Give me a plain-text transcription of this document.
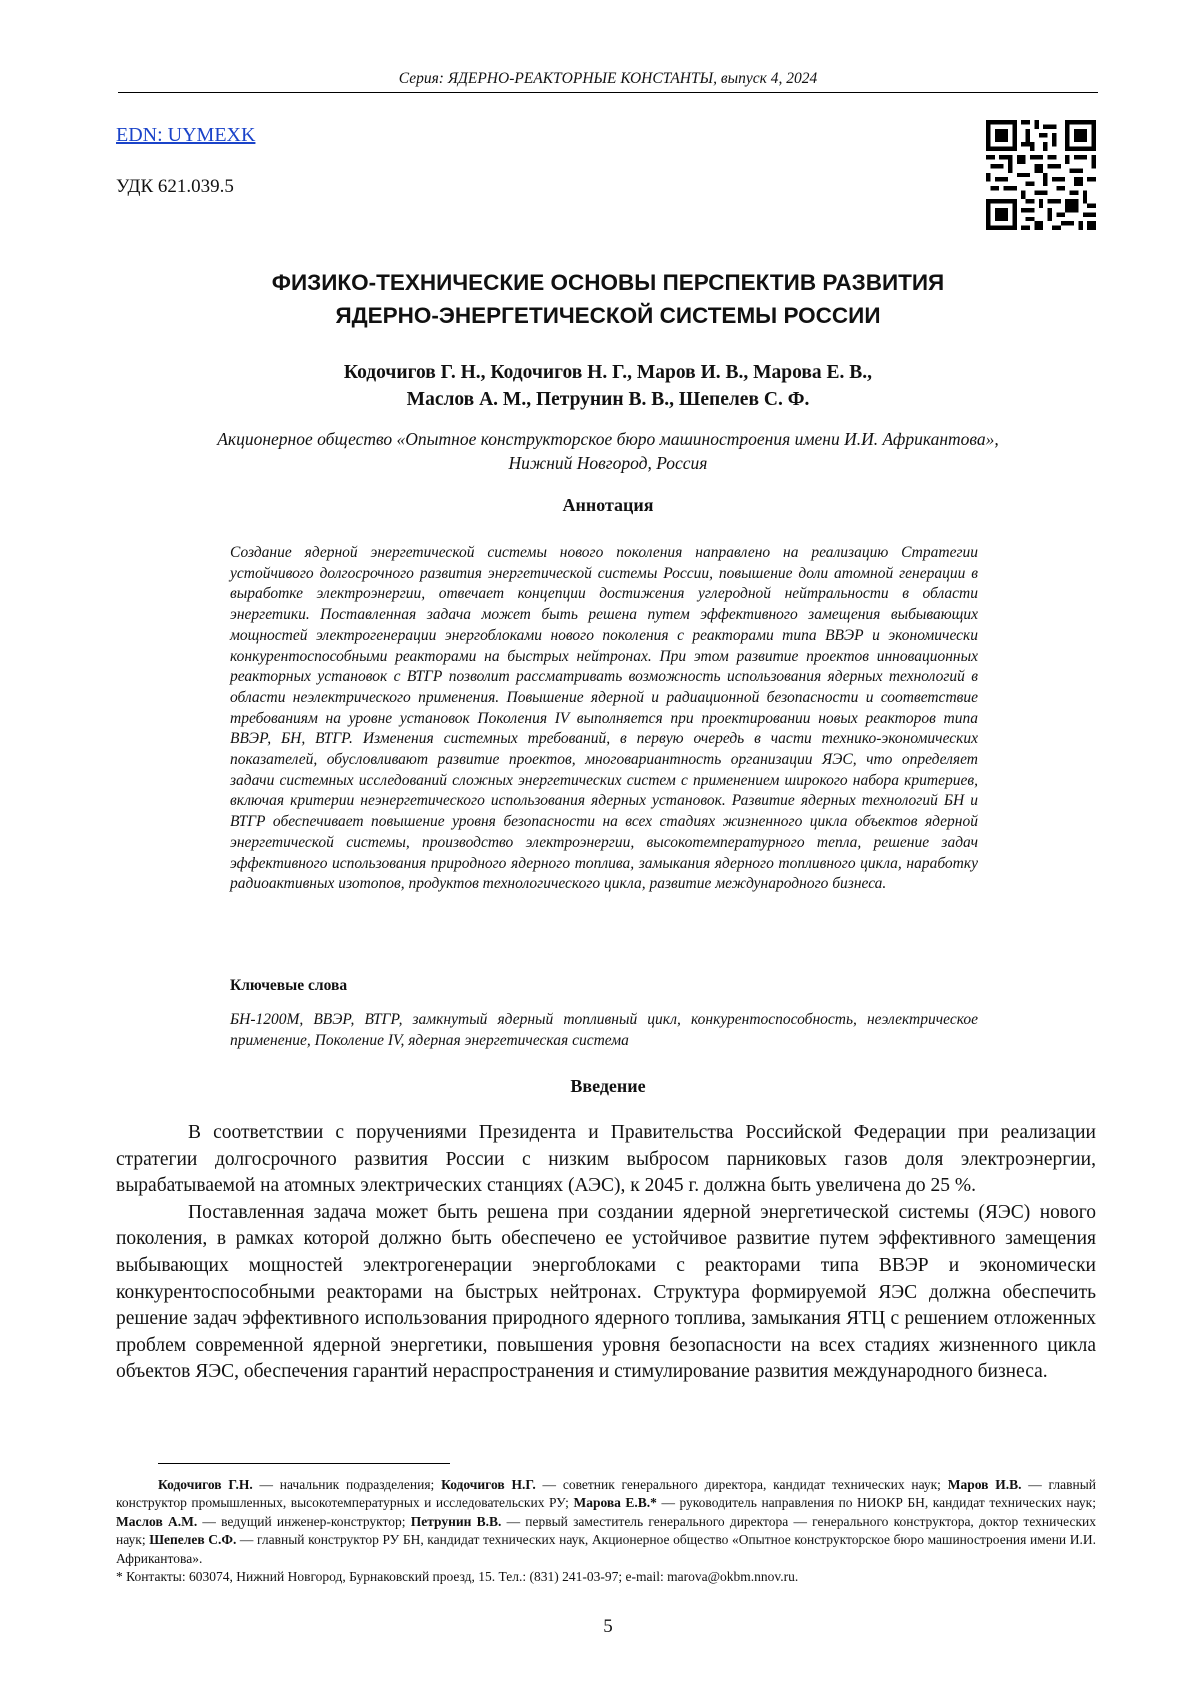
Серия: ЯДЕРНО-РЕАКТОРНЫЕ КОНСТАНТЫ, выпуск 4, 2024
EDN: UYMEXK
УДК 621.039.5
ФИЗИКО-ТЕХНИЧЕСКИЕ ОСНОВЫ ПЕРСПЕКТИВ РАЗВИТИЯ
ЯДЕРНО-ЭНЕРГЕТИЧЕСКОЙ СИСТЕМЫ РОССИИ
Кодочигов Г. Н., Кодочигов Н. Г., Маров И. В., Марова Е. В.,
Маслов А. М., Петрунин В. В., Шепелев С. Ф.
Акционерное общество «Опытное конструкторское бюро машиностроения имени И.И. Африкантова»,
Нижний Новгород, Россия
Аннотация

Создание ядерной энергетической системы нового поколения направлено на реализацию Стратегии устойчивого долгосрочного развития энергетической системы России, повышение доли атомной генерации в выработке электроэнергии, отвечает концепции достижения углеродной нейтральности в области энергетики. Поставленная задача может быть решена путем эффективного замещения выбывающих мощностей электрогенерации энергоблоками нового поколения с реакторами типа ВВЭР и экономически конкурентоспособными реакторами на быстрых нейтронах. При этом развитие проектов инновационных реакторных установок с ВТГР позволит рассматривать возможность использования ядерных технологий в области неэлектрического применения. Повышение ядерной и радиационной безопасности и соответствие требованиям на уровне установок Поколения IV выполняется при проектировании новых реакторов типа ВВЭР, БН, ВТГР. Изменения системных требований, в первую очередь в части технико-экономических показателей, обусловливают развитие проектов, многовариантность организации ЯЭС, что определяет задачи системных исследований сложных энергетических систем с применением широкого набора критериев, включая критерии неэнергетического использования ядерных установок. Развитие ядерных технологий БН и ВТГР обеспечивает повышение уровня безопасности на всех стадиях жизненного цикла объектов ядерной энергетической системы, производство электроэнергии, высокотемпературного тепла, решение задач эффективного использования природного ядерного топлива, замыкания ядерного топливного цикла, наработку радиоактивных изотопов, продуктов технологического цикла, развитие международного бизнеса.

Ключевые слова

БН-1200М, ВВЭР, ВТГР, замкнутый ядерный топливный цикл, конкурентоспособность, неэлектрическое применение, Поколение IV, ядерная энергетическая система

Введение

В соответствии с поручениями Президента и Правительства Российской Федерации при реализации стратегии долгосрочного развития России с низким выбросом парниковых газов доля электроэнергии, вырабатываемой на атомных электрических станциях (АЭС), к 2045 г. должна быть увеличена до 25 %.

Поставленная задача может быть решена при создании ядерной энергетической системы (ЯЭС) нового поколения, в рамках которой должно быть обеспечено ее устойчивое развитие путем эффективного замещения выбывающих мощностей электрогенерации энергоблоками с реакторами типа ВВЭР и экономически конкурентоспособными реакторами на быстрых нейтронах. Структура формируемой ЯЭС должна обеспечить решение задач эффективного использования природного ядерного топлива, замыкания ЯТЦ с решением отложенных проблем современной ядерной энергетики, повышения уровня безопасности на всех стадиях жизненного цикла объектов ЯЭС, обеспечения гарантий нераспространения и стимулирование развития международного бизнеса.

Кодочигов Г.Н. — начальник подразделения; Кодочигов Н.Г. — советник генерального директора, кандидат технических наук; Маров И.В. — главный конструктор промышленных, высокотемпературных и исследовательских РУ; Марова Е.В.* — руководитель направления по НИОКР БН, кандидат технических наук; Маслов А.М. — ведущий инженер-конструктор; Петрунин В.В. — первый заместитель генерального директора — генерального конструктора, доктор технических наук; Шепелев С.Ф. — главный конструктор РУ БН, кандидат технических наук, Акционерное общество «Опытное конструкторское бюро машиностроения имени И.И. Африкантова».

* Контакты: 603074, Нижний Новгород, Бурнаковский проезд, 15. Тел.: (831) 241-03-97; e-mail: marova@okbm.nnov.ru.

5
